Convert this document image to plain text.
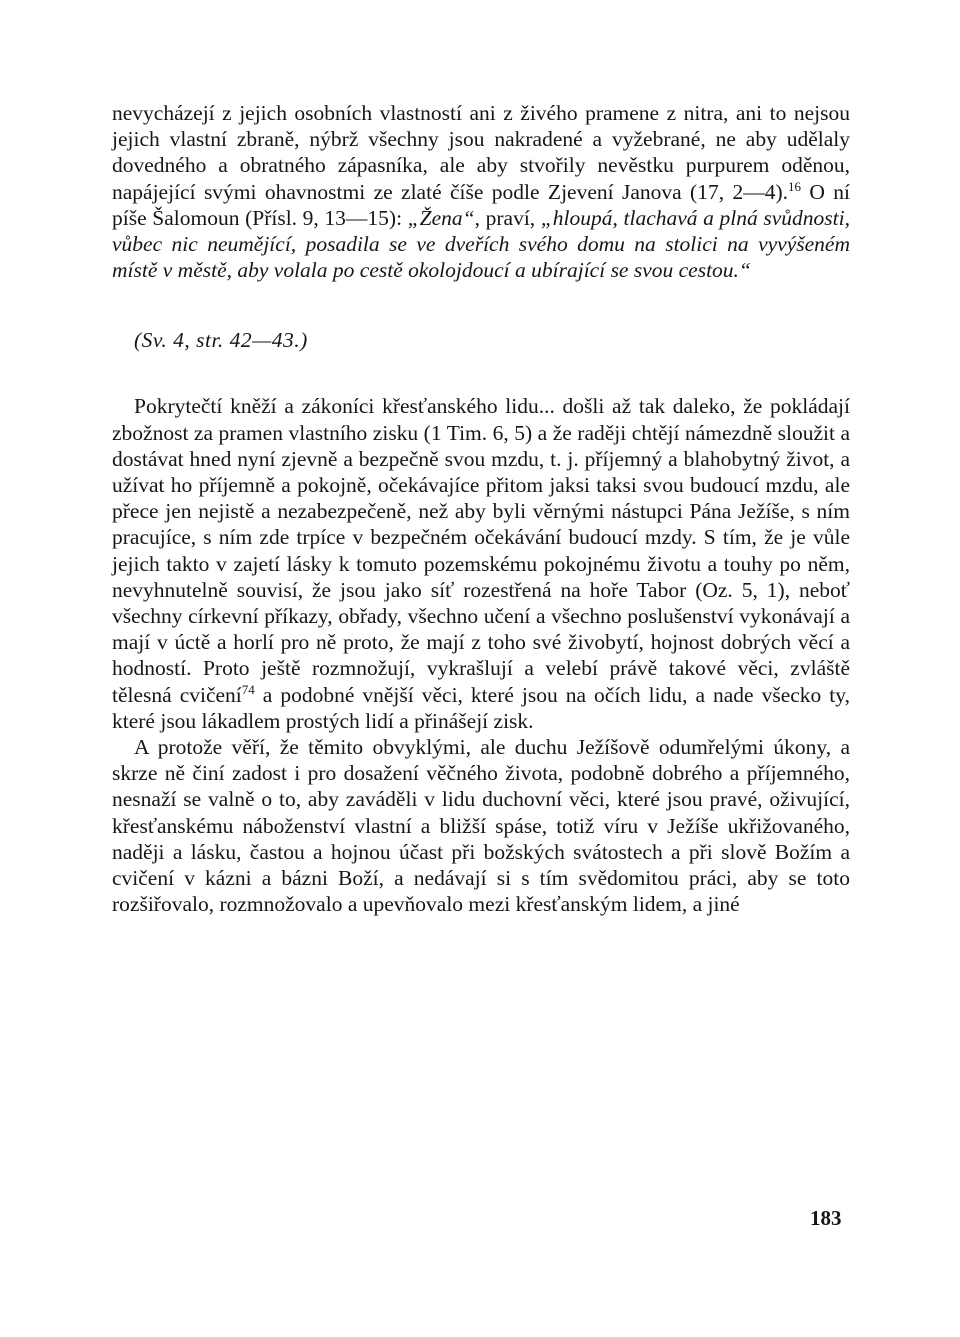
nevycházejí z jejich osobních vlastností ani z živého pramene z nitra, ani to nejsou jejich vlastní zbraně, nýbrž všechny jsou nakradené a vyžebrané, ne aby udělaly dovedného a obratného zápasníka, ale aby stvořily nevěstku purpurem oděnou, napájející svými ohavnostmi ze zlaté číše podle Zjevení Janova (17, 2—4).$^{16}$ O ní píše Šalomoun (Přísl. 9, 13—15): „Žena“, praví, „hloupá, tlachavá a plná svůdnosti, vůbec nic neumějící, posadila se ve dveřích svého domu na stolici na vyvýšeném místě v městě, aby volala po cestě okolojdoucí a ubírající se svou cestou.“

(Sv. 4, str. 42—43.)

Pokrytečtí kněží a zákoníci křesťanského lidu... došli až tak daleko, že pokládají zbožnost za pramen vlastního zisku (1 Tim. 6, 5) a že raději chtějí námezdně sloužit a dostávat hned nyní zjevně a bezpečně svou mzdu, t. j. příjemný a blahobytný život, a užívat ho příjemně a pokojně, očekávajíce přitom jaksi taksi svou budoucí mzdu, ale přece jen nejistě a nezabezpečeně, než aby byli věrnými nástupci Pána Ježíše, s ním pracujíce, s ním zde trpíce v bezpečném očekávání budoucí mzdy. S tím, že je vůle jejich takto v zajetí lásky k tomuto pozemskému pokojnému životu a touhy po něm, nevyhnutelně souvisí, že jsou jako síť rozestřená na hoře Tabor (Oz. 5, 1), neboť všechny církevní příkazy, obřady, všechno učení a všechno poslušenství vykonávají a mají v úctě a horlí pro ně proto, že mají z toho své živobytí, hojnost dobrých věcí a hodností. Proto ještě rozmnožují, vykrašlují a velebí právě takové věci, zvláště tělesná cvičení$^{74}$ a podobné vnější věci, které jsou na očích lidu, a nade všecko ty, které jsou lákadlem prostých lidí a přinášejí zisk.

A protože věří, že těmito obvyklými, ale duchu Ježíšově odumřelými úkony, a skrze ně činí zadost i pro dosažení věčného života, podobně dobrého a příjemného, nesnaží se valně o to, aby zaváděli v lidu duchovní věci, které jsou pravé, oživující, křesťanskému náboženství vlastní a bližší spáse, totiž víru v Ježíše ukřižovaného, naději a lásku, častou a hojnou účast při božských svátostech a při slově Božím a cvičení v kázni a bázni Boží, a nedávají si s tím svědomitou práci, aby se toto rozšiřovalo, rozmnožovalo a upevňovalo mezi křesťanským lidem, a jiné

183
